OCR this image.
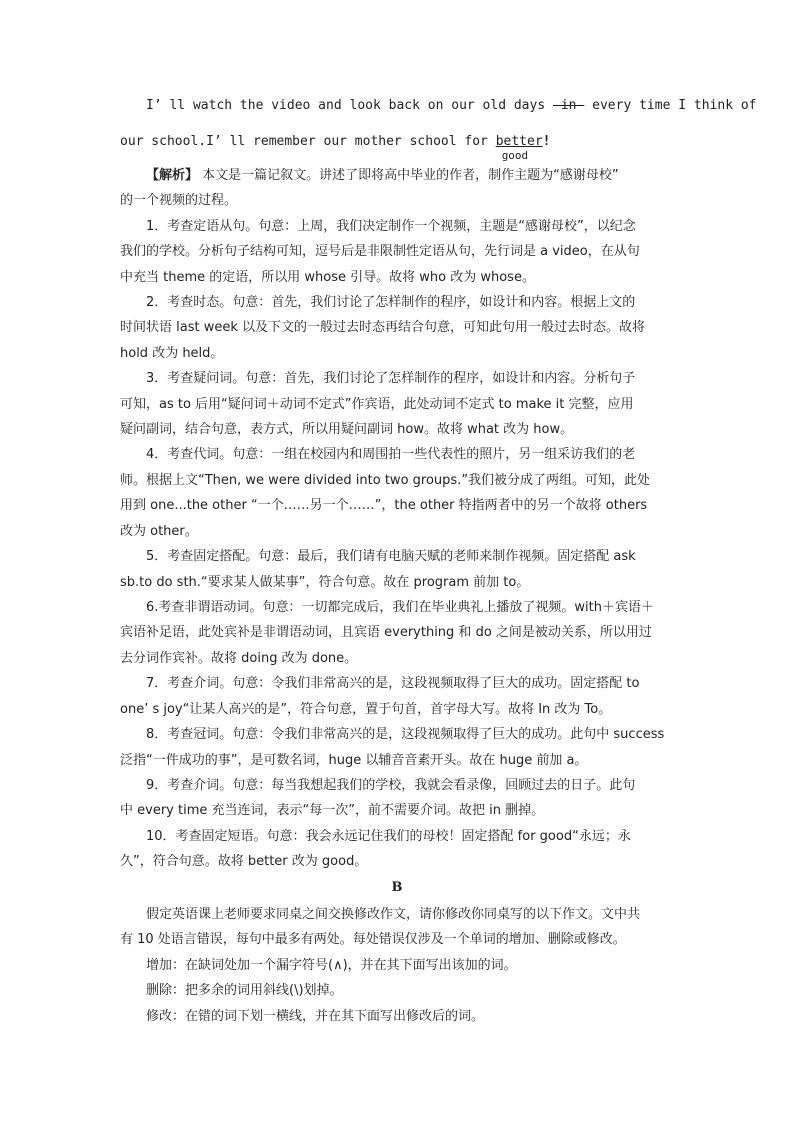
I’ ll watch the video and look back on our old days -in- every time I think of
our school.I’ ll remember our mother school for better
good
!
【解析】 本文是一篇记叙文。讲述了即将高中毕业的作者，制作主题为“感谢母校”
的一个视频的过程。
1．考查定语从句。句意：上周，我们决定制作一个视频，主题是“感谢母校”，以纪念
我们的学校。分析句子结构可知，逗号后是非限制性定语从句，先行词是 a video，在从句
中充当 theme 的定语，所以用 whose 引导。故将 who 改为 whose。
2．考查时态。句意：首先，我们讨论了怎样制作的程序，如设计和内容。根据上文的
时间状语 last week 以及下文的一般过去时态再结合句意，可知此句用一般过去时态。故将
hold 改为 held。
3．考查疑问词。句意：首先，我们讨论了怎样制作的程序，如设计和内容。分析句子
可知，as to 后用“疑问词＋动词不定式”作宾语，此处动词不定式 to make it 完整，应用
疑问副词，结合句意，表方式，所以用疑问副词 how。故将 what 改为 how。
4．考查代词。句意：一组在校园内和周围拍一些代表性的照片，另一组采访我们的老
师。根据上文“Then, we were divided into two groups.”我们被分成了两组。可知，此处
用到 one...the other “一个……另一个……”，the other 特指两者中的另一个故将 others
改为 other。
5．考查固定搭配。句意：最后，我们请有电脑天赋的老师来制作视频。固定搭配 ask
sb.to do sth.“要求某人做某事”，符合句意。故在 program 前加 to。
6.考查非谓语动词。句意：一切都完成后，我们在毕业典礼上播放了视频。with＋宾语＋
宾语补足语，此处宾补是非谓语动词，且宾语 everything 和 do 之间是被动关系，所以用过
去分词作宾补。故将 doing 改为 done。
7．考查介词。句意：令我们非常高兴的是，这段视频取得了巨大的成功。固定搭配 to
one’ s joy“让某人高兴的是”，符合句意，置于句首，首字母大写。故将 In 改为 To。
8．考查冠词。句意：令我们非常高兴的是，这段视频取得了巨大的成功。此句中 success
泛指“一件成功的事”，是可数名词，huge 以辅音音素开头。故在 huge 前加 a。
9．考查介词。句意：每当我想起我们的学校，我就会看录像，回顾过去的日子。此句
中 every time 充当连词，表示“每一次”，前不需要介词。故把 in 删掉。
10．考查固定短语。句意：我会永远记住我们的母校！固定搭配 for good“永远；永
久”，符合句意。故将 better 改为 good。
B
假定英语课上老师要求同桌之间交换修改作文，请你修改你同桌写的以下作文。文中共
有 10 处语言错误，每句中最多有两处。每处错误仅涉及一个单词的增加、删除或修改。
增加：在缺词处加一个漏字符号(∧)，并在其下面写出该加的词。
删除：把多余的词用斜线(\)划掉。
修改：在错的词下划一横线，并在其下面写出修改后的词。
